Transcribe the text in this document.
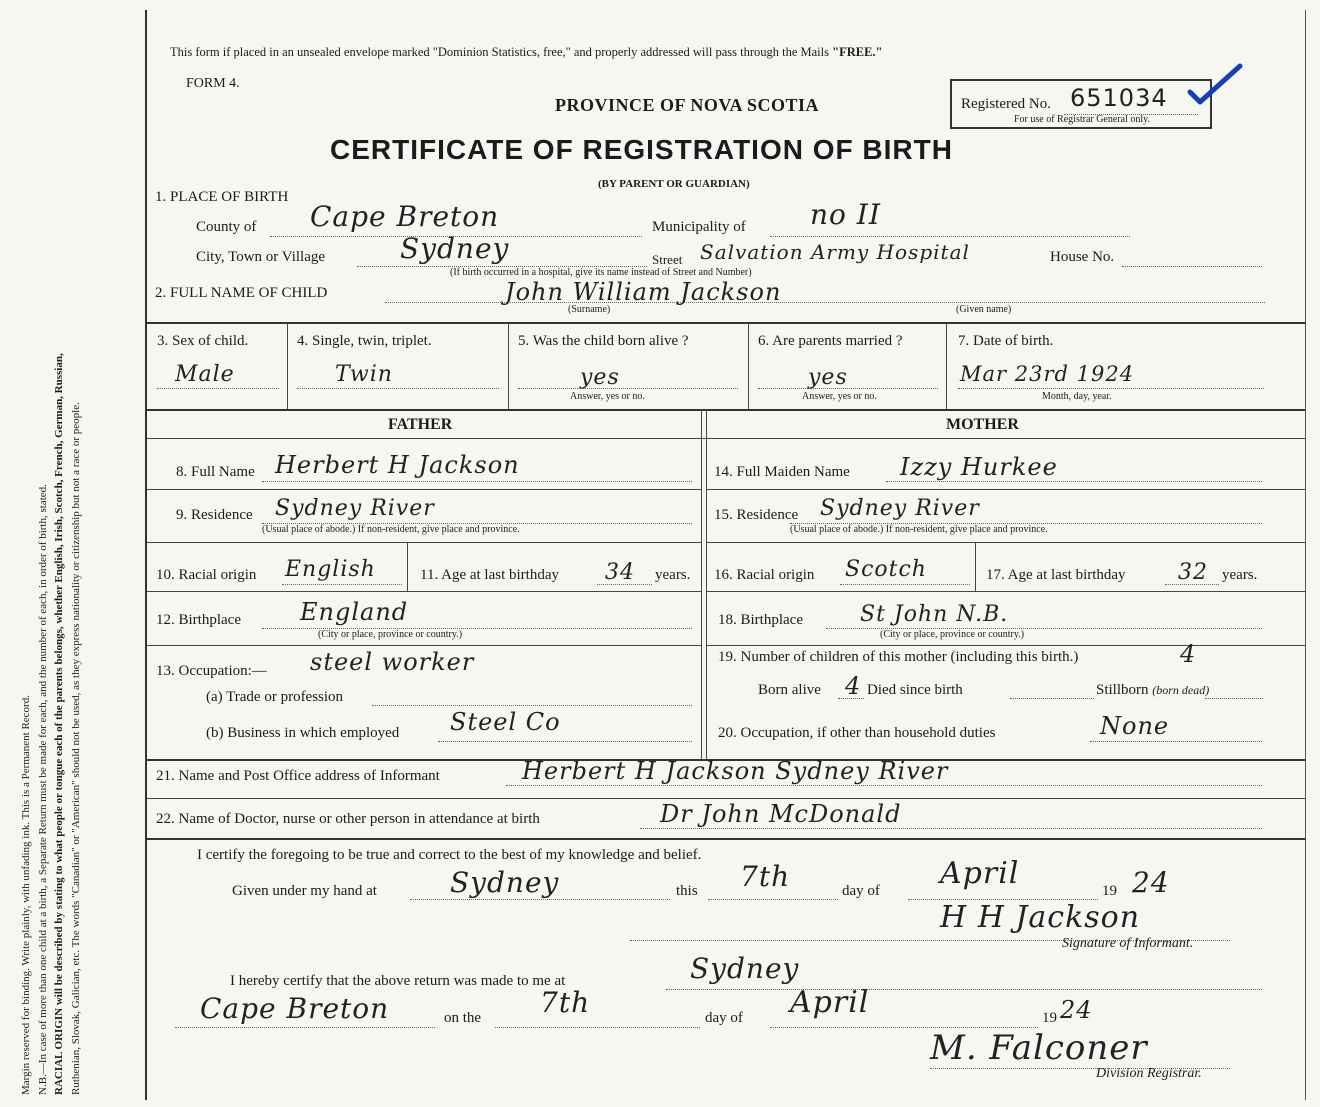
Margin reserved for binding. Write plainly, with unfading ink. This is a Permanent Record. N.B.—In case of more than one child at a birth, a Separate Return must be made for each, and the number of each, in order of birth, stated. RACIAL ORIGIN will be described by stating to what people or tongue each of the parents belongs, whether English, Irish, Scotch, French, German, Russian, Ruthenian, Slovak, Galician, etc. The words "Canadian" or "American" should not be used, as they express nationality or citizenship but not a race or people.
This form if placed in an unsealed envelope marked "Dominion Statistics, free," and properly addressed will pass through the Mails "FREE."
FORM 4.
PROVINCE OF NOVA SCOTIA
CERTIFICATE OF REGISTRATION OF BIRTH
(BY PARENT OR GUARDIAN)
Registered No. 651034
For use of Registrar General only.
1. PLACE OF BIRTH
County of Cape Breton	Municipality of no II
City, Town or Village	Sydney	Street Salvation Army Hospital	House No.
(If birth occurred in a hospital, give its name instead of Street and Number)
2. FULL NAME OF CHILD	John William Jackson
(Surname)	(Given name)
3. Sex of child.
Male
4. Single, twin, triplet.
Twin
5. Was the child born alive ?
yes
Answer, yes or no.
6. Are parents married ?
yes
Answer, yes or no.
7. Date of birth.
Mar 23rd 1924
Month, day, year.
FATHER	MOTHER
8. Full Name Herbert H Jackson
9. Residence Sydney River
(Usual place of abode.) If non-resident, give place and province.
10. Racial origin English	11. Age at last birthday 34 years.
12. Birthplace England
(City or place, province or country.)
13. Occupation:— steel worker
(a) Trade or profession
(b) Business in which employed Steel Co
14. Full Maiden Name Izzy Hurkee
15. Residence Sydney River
(Usual place of abode.) If non-resident, give place and province.
16. Racial origin Scotch	17. Age at last birthday 32 years.
18. Birthplace	St John N.B.
(City or place, province or country.)
19. Number of children of this mother (including this birth.)	4
Born alive 4 Died since birth	Stillborn (born dead)
20. Occupation, if other than household duties	None
21. Name and Post Office address of Informant	Herbert H Jackson Sydney River
22. Name of Doctor, nurse or other person in attendance at birth	Dr John McDonald
I certify the foregoing to be true and correct to the best of my knowledge and belief.
Given under my hand at	Sydney	this 7th	day of April	19 24
H H Jackson
Signature of Informant.
I hereby certify that the above return was made to me at	Sydney
Cape Breton	on the 7th	day of April	19 24
M. Falconer
Division Registrar.
